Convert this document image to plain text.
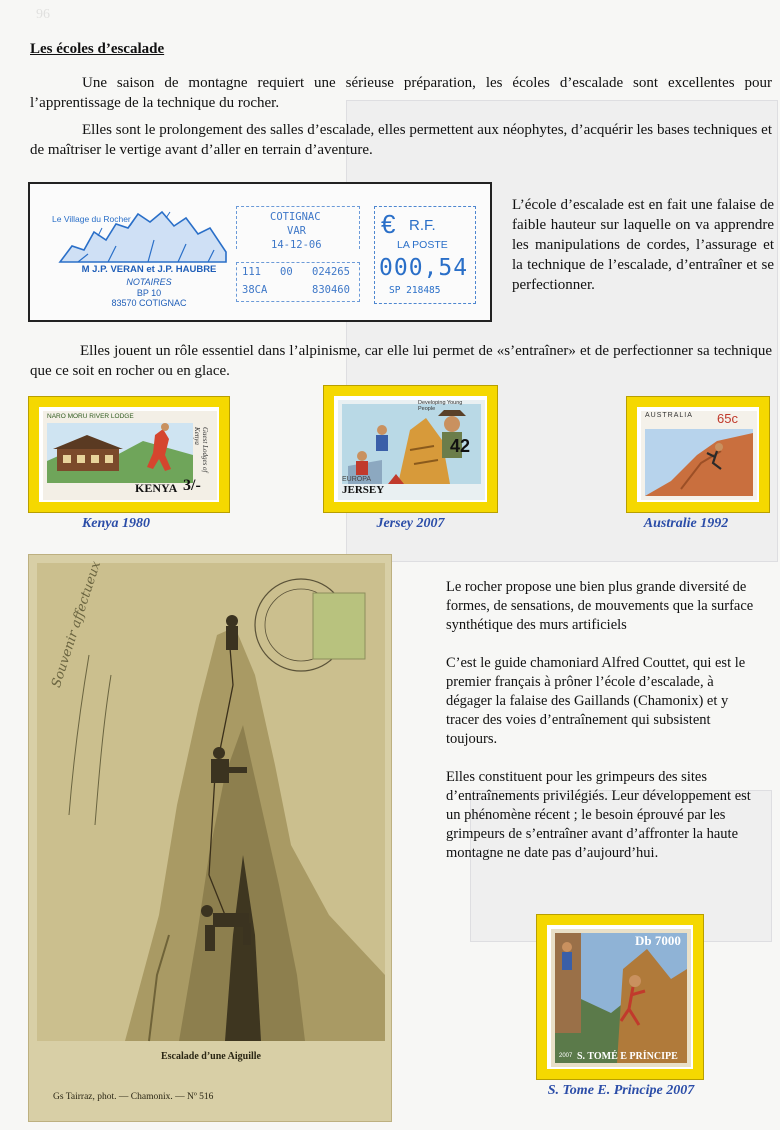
96
Les écoles d’escalade
Une saison de montagne requiert une sérieuse préparation, les écoles d’escalade sont excellentes pour l’apprentissage de la technique du rocher.
Elles sont le prolongement des salles d’escalade, elles permettent aux néophytes, d’acquérir les bases techniques et de maîtriser le vertige avant d’aller en terrain d’aventure.
Le Village du Rocher
M J.P. VERAN et J.P. HAUBRE
NOTAIRES
BP 10
83570 COTIGNAC
COTIGNAC
VAR
14-12-06
111 00 024265
38CA	830460
€ R.F.
LA POSTE
000,54
SP 218485
L’école d’escalade est en fait une falaise de faible hauteur sur laquelle on va apprendre les manipulations de cordes, l’assurage et la technique de l’escalade, d’entraîner et se perfectionner.
Elles jouent un rôle essentiel dans l’alpinisme, car elle lui permet de «s’entraîner» et de perfectionner sa technique que ce soit en rocher ou en glace.
NARO MORU RIVER LODGE
Guest Lodges of Kenya
KENYA 3/-
Kenya 1980
Developing Young People
EUROPA
JERSEY
42
Jersey 2007
AUSTRALIA 65c
Australie 1992
Souvenir affectueux
Escalade d’une Aiguille
Gs Tairraz, phot. — Chamonix. — Nº 516
Le rocher propose une bien plus grande diversité de formes, de sensations, de mouvements que la surface synthétique des murs artificiels
C’est le guide chamoniard Alfred Couttet, qui est le premier français à prôner l’école d’escalade, à dégager la falaise des Gaillands (Chamonix) et y tracer des voies d’entraînement qui subsistent toujours.
Elles constituent pour les grimpeurs des sites d’entraînements privilégiés. Leur développement est un phénomène récent ; le besoin éprouvé par les grimpeurs de s’entraîner avant d’affronter la haute montagne ne date pas d’aujourd’hui.
Db 7000
2007 S. TOMÉ E PRÍNCIPE
S. Tome E. Principe 2007
